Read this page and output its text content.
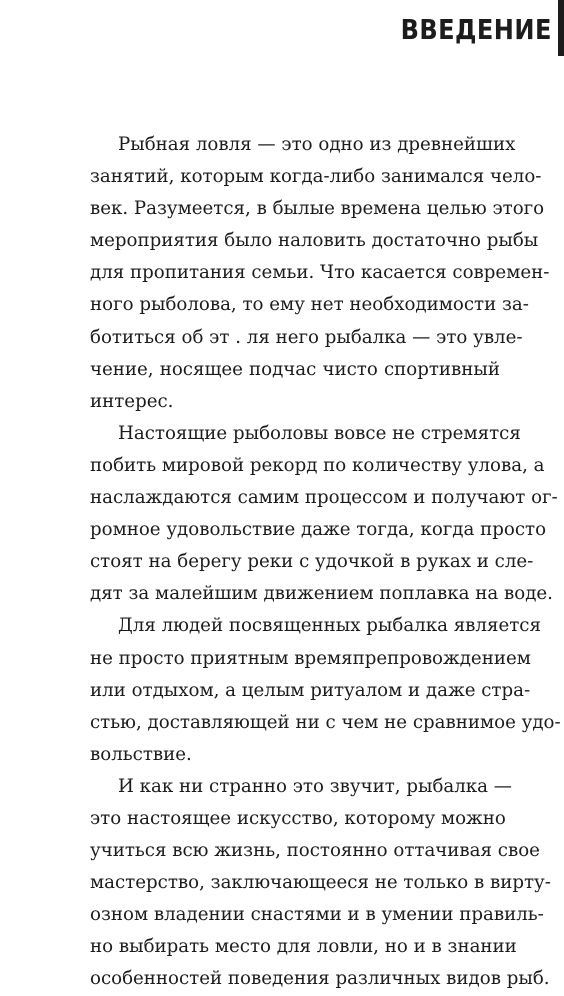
ВВЕДЕНИЕ
Рыбная ловля — это одно из древнейших
занятий, которым когда-либо занимался чело-
век. Разумеется, в былые времена целью этого
мероприятия было наловить достаточно рыбы
для пропитания семьи. Что касается современ-
ного рыболова, то ему нет необходимости за-
ботиться об эт . ля него рыбалка — это увле-
чение, носящее подчас чисто спортивный
интерес.
Настоящие рыболовы вовсе не стремятся
побить мировой рекорд по количеству улова, а
наслаждаются самим процессом и получают ог-
ромное удовольствие даже тогда, когда просто
стоят на берегу реки с удочкой в руках и сле-
дят за малейшим движением поплавка на воде.
Для людей посвященных рыбалка является
не просто приятным времяпрепровождением
или отдыхом, а целым ритуалом и даже стра-
стью, доставляющей ни с чем не сравнимое удо-
вольствие.
И как ни странно это звучит, рыбалка —
это настоящее искусство, которому можно
учиться всю жизнь, постоянно оттачивая свое
мастерство, заключающееся не только в вирту-
озном владении снастями и в умении правиль-
но выбирать место для ловли, но и в знании
особенностей поведения различных видов рыб.
